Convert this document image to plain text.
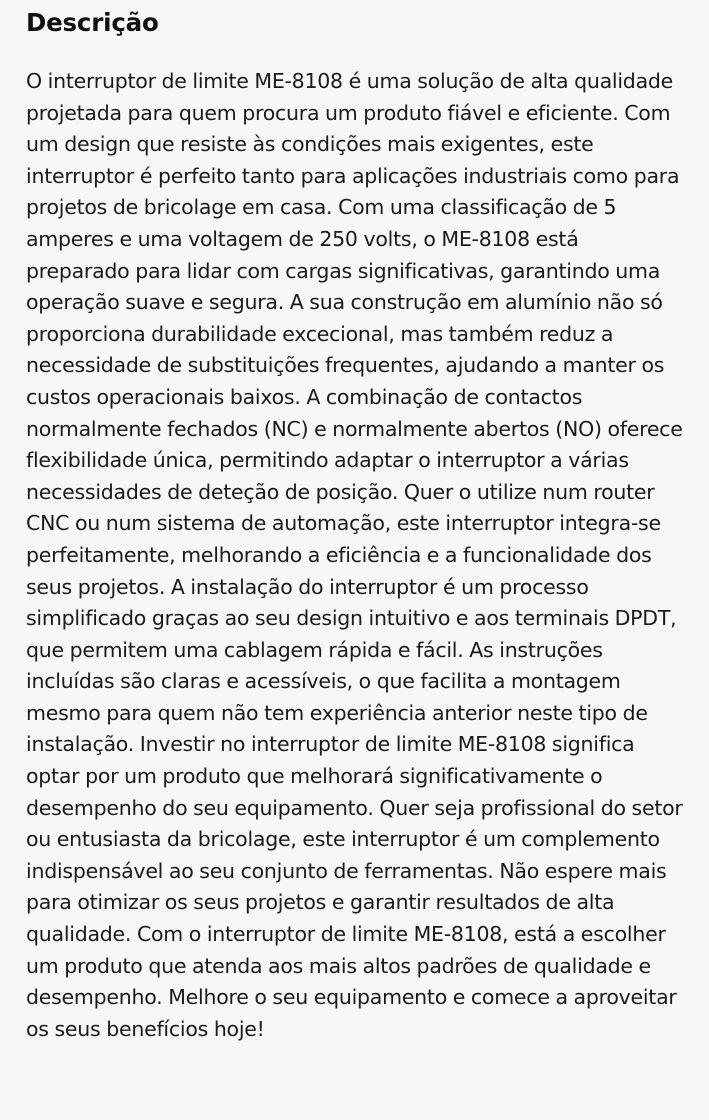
Descrição

O interruptor de limite ME-8108 é uma solução de alta qualidade projetada para quem procura um produto fiável e eficiente. Com um design que resiste às condições mais exigentes, este interruptor é perfeito tanto para aplicações industriais como para projetos de bricolage em casa. Com uma classificação de 5 amperes e uma voltagem de 250 volts, o ME-8108 está preparado para lidar com cargas significativas, garantindo uma operação suave e segura. A sua construção em alumínio não só proporciona durabilidade excecional, mas também reduz a necessidade de substituições frequentes, ajudando a manter os custos operacionais baixos. A combinação de contactos normalmente fechados (NC) e normalmente abertos (NO) oferece flexibilidade única, permitindo adaptar o interruptor a várias necessidades de deteção de posição. Quer o utilize num router CNC ou num sistema de automação, este interruptor integra-se perfeitamente, melhorando a eficiência e a funcionalidade dos seus projetos. A instalação do interruptor é um processo simplificado graças ao seu design intuitivo e aos terminais DPDT, que permitem uma cablagem rápida e fácil. As instruções incluídas são claras e acessíveis, o que facilita a montagem mesmo para quem não tem experiência anterior neste tipo de instalação. Investir no interruptor de limite ME-8108 significa optar por um produto que melhorará significativamente o desempenho do seu equipamento. Quer seja profissional do setor ou entusiasta da bricolage, este interruptor é um complemento indispensável ao seu conjunto de ferramentas. Não espere mais para otimizar os seus projetos e garantir resultados de alta qualidade. Com o interruptor de limite ME-8108, está a escolher um produto que atenda aos mais altos padrões de qualidade e desempenho. Melhore o seu equipamento e comece a aproveitar os seus benefícios hoje!
